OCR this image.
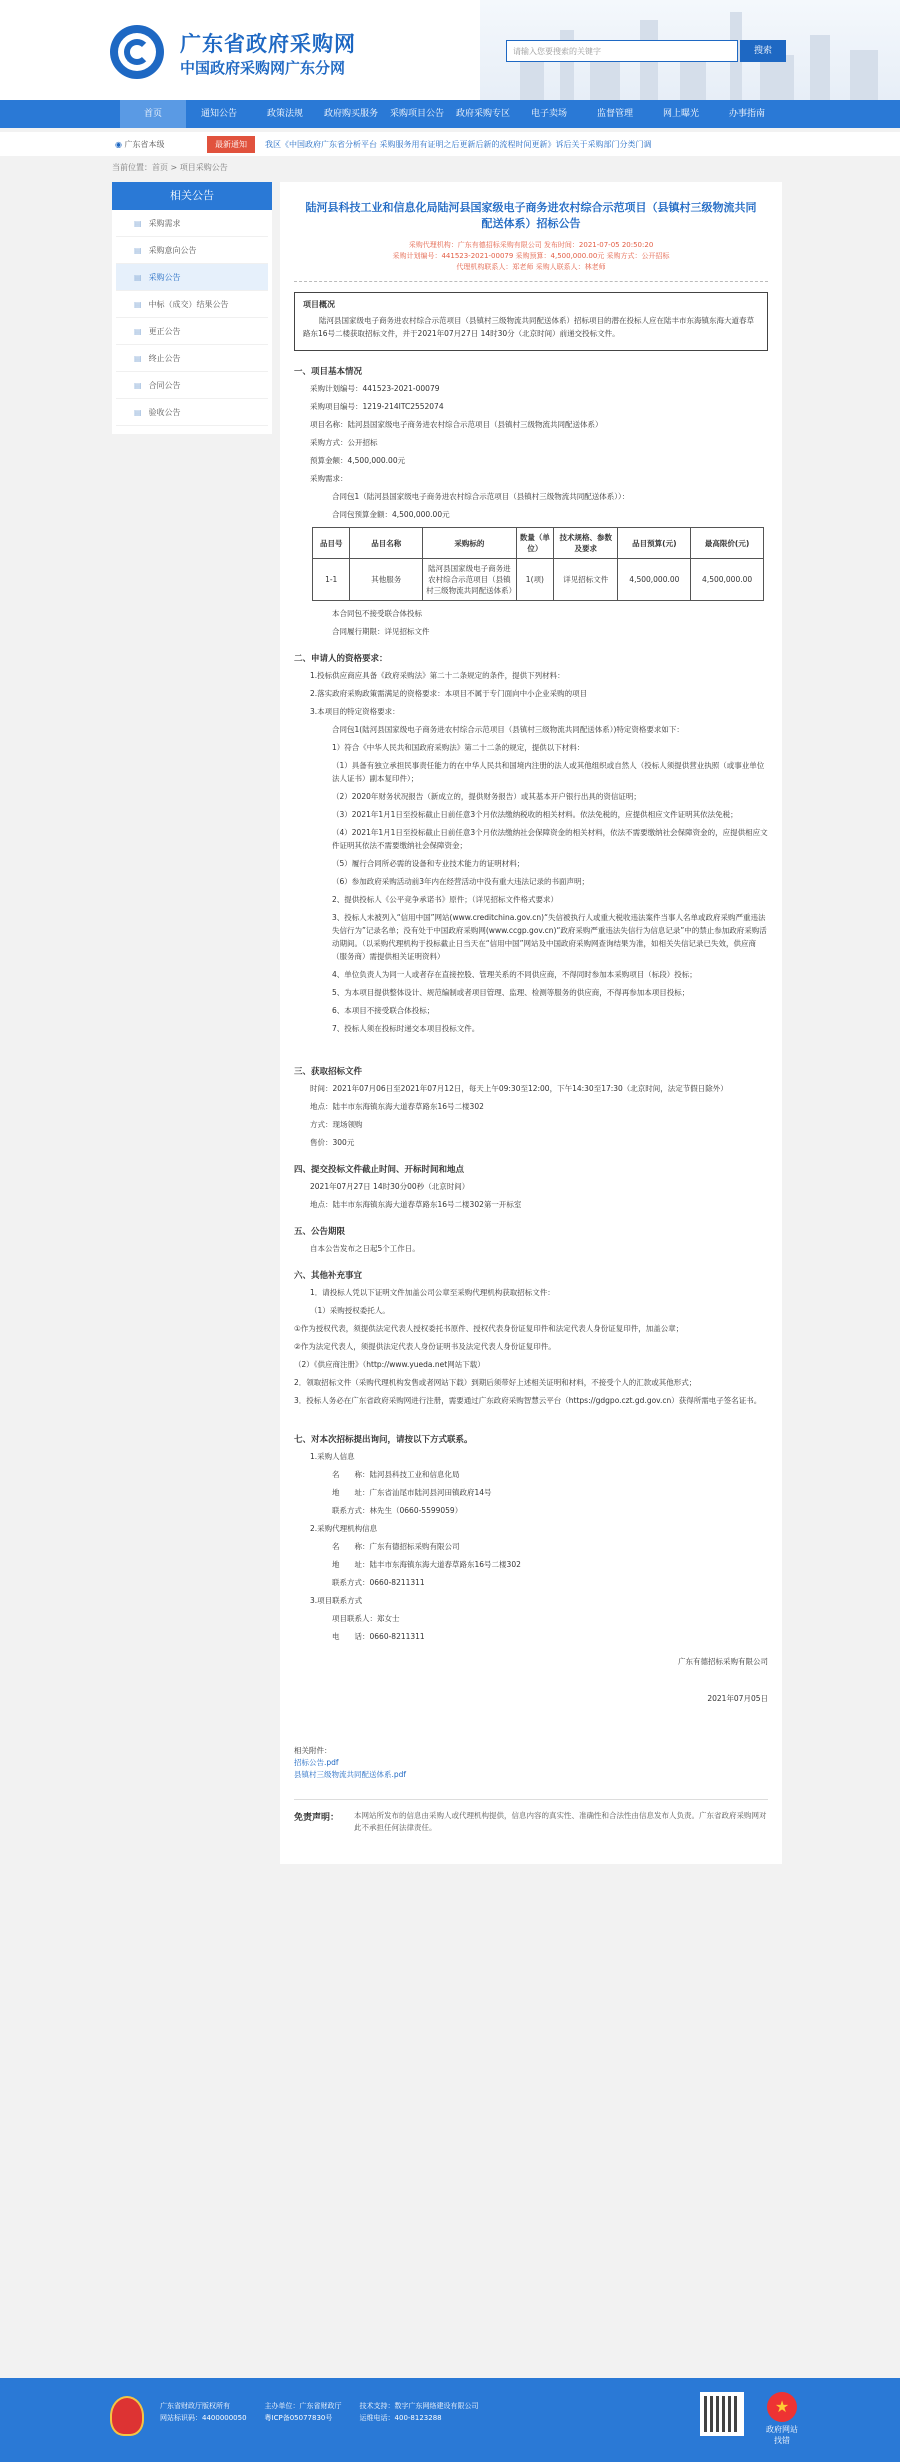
广东省政府采购网
中国政府采购网广东分网
请输入您要搜索的关键字	搜索
首页	通知公告	政策法规	政府购买服务	采购项目公告	政府采购专区	电子卖场	监督管理	网上曝光	办事指南
◉ 广东省本级	最新通知	我区《中国政府广东省分析平台 采购服务用有证明之后更新后新的流程时间更新》诉后关于采购部门分类门调
当前位置：首页 > 项目采购公告
相关公告
▤ 采购需求
▤ 采购意向公告
▤ 采购公告
▤ 中标（成交）结果公告
▤ 更正公告
▤ 终止公告
▤ 合同公告
▤ 验收公告
陆河县科技工业和信息化局陆河县国家级电子商务进农村综合示范项目（县镇村三级物流共同配送体系）招标公告
采购代理机构：广东有德招标采购有限公司 发布时间：2021-07-05 20:50:20
采购计划编号：441523-2021-00079 采购预算：4,500,000.00元 采购方式：公开招标
代理机构联系人：郑老师 采购人联系人：林老师
项目概况
陆河县国家级电子商务进农村综合示范项目（县镇村三级物流共同配送体系）招标项目的潜在投标人应在陆丰市东海镇东海大道春草路东16号二楼获取招标文件，并于2021年07月27日 14时30分（北京时间）前递交投标文件。
一、项目基本情况
采购计划编号：441523-2021-00079
采购项目编号：1219-214ITC2552074
项目名称：陆河县国家级电子商务进农村综合示范项目（县镇村三级物流共同配送体系）
采购方式：公开招标
预算金额：4,500,000.00元
采购需求：
合同包1（陆河县国家级电子商务进农村综合示范项目（县镇村三级物流共同配送体系））：
合同包预算金额：4,500,000.00元
品目号	品目名称	采购标的	数量（单位）	技术规格、参数及要求	品目预算(元)	最高限价(元)
1-1	其他服务	陆河县国家级电子商务进农村综合示范项目（县镇村三级物流共同配送体系）	1(项)	详见招标文件	4,500,000.00	4,500,000.00
本合同包不接受联合体投标
合同履行期限：详见招标文件
二、申请人的资格要求：
1.投标供应商应具备《政府采购法》第二十二条规定的条件，提供下列材料：
2.落实政府采购政策需满足的资格要求：本项目不属于专门面向中小企业采购的项目
3.本项目的特定资格要求：
合同包1(陆河县国家级电子商务进农村综合示范项目（县镇村三级物流共同配送体系）)特定资格要求如下：
1）符合《中华人民共和国政府采购法》第二十二条的规定，提供以下材料：
（1）具备有独立承担民事责任能力的在中华人民共和国境内注册的法人或其他组织或自然人（投标人须提供营业执照（或事业单位法人证书）副本复印件）；
（2）2020年财务状况报告（新成立的，提供财务报告）或其基本开户银行出具的资信证明；
（3）2021年1月1日至投标截止日前任意3个月依法缴纳税收的相关材料。依法免税的，应提供相应文件证明其依法免税；
（4）2021年1月1日至投标截止日前任意3个月依法缴纳社会保障资金的相关材料，依法不需要缴纳社会保障资金的，应提供相应文件证明其依法不需要缴纳社会保障资金；
（5）履行合同所必需的设备和专业技术能力的证明材料；
（6）参加政府采购活动前3年内在经营活动中没有重大违法记录的书面声明；
2、提供投标人《公平竞争承诺书》原件；（详见招标文件格式要求）
3、投标人未被列入“信用中国”网站(www.creditchina.gov.cn)“失信被执行人或重大税收违法案件当事人名单或政府采购严重违法失信行为”记录名单；没有处于中国政府采购网(www.ccgp.gov.cn)“政府采购严重违法失信行为信息记录”中的禁止参加政府采购活动期间。（以采购代理机构于投标截止日当天在“信用中国”网站及中国政府采购网查询结果为准，如相关失信记录已失效，供应商（服务商）需提供相关证明资料）
4、单位负责人为同一人或者存在直接控股、管理关系的不同供应商，不得同时参加本采购项目（标段）投标；
5、为本项目提供整体设计、规范编制或者项目管理、监理、检测等服务的供应商，不得再参加本项目投标；
6、本项目不接受联合体投标；
7、投标人须在投标时递交本项目投标文件。
三、获取招标文件
时间：2021年07月06日至2021年07月12日，每天上午09:30至12:00，下午14:30至17:30（北京时间，法定节假日除外）
地点：陆丰市东海镇东海大道春草路东16号二楼302
方式：现场领购
售价：300元
四、提交投标文件截止时间、开标时间和地点
2021年07月27日 14时30分00秒（北京时间）
地点：陆丰市东海镇东海大道春草路东16号二楼302第一开标室
五、公告期限
自本公告发布之日起5个工作日。
六、其他补充事宜
1．请投标人凭以下证明文件加盖公司公章至采购代理机构获取招标文件：
（1）采购授权委托人。
①作为授权代表，须提供法定代表人授权委托书原件、授权代表身份证复印件和法定代表人身份证复印件，加盖公章；
②作为法定代表人，须提供法定代表人身份证明书及法定代表人身份证复印件。
（2）《供应商注册》（http://www.yueda.net网站下载）
2．领取招标文件（采购代理机构发售或者网站下载）到期后须带好上述相关证明和材料，不接受个人的汇款或其他形式；
3．投标人务必在广东省政府采购网进行注册，需要通过广东政府采购智慧云平台（https://gdgpo.czt.gd.gov.cn）获得所需电子签名证书。
七、对本次招标提出询问，请按以下方式联系。
1.采购人信息
名　　称：陆河县科技工业和信息化局
地　　址：广东省汕尾市陆河县河田镇政府14号
联系方式：林先生（0660-5599059）
2.采购代理机构信息
名　　称：广东有德招标采购有限公司
地　　址：陆丰市东海镇东海大道春草路东16号二楼302
联系方式：0660-8211311
3.项目联系方式
项目联系人：郑女士
电　　话：0660-8211311
广东有德招标采购有限公司
2021年07月05日
相关附件：
招标公告.pdf
县镇村三级物流共同配送体系.pdf
免责声明：	本网站所发布的信息由采购人或代理机构提供，信息内容的真实性、准确性和合法性由信息发布人负责。广东省政府采购网对此不承担任何法律责任。
广东省财政厅版权所有
网站标识码：4400000050
主办单位：广东省财政厅
粤ICP备05077830号
技术支持：数字广东网络建设有限公司
运维电话：400-8123288
★
政府网站
找错
